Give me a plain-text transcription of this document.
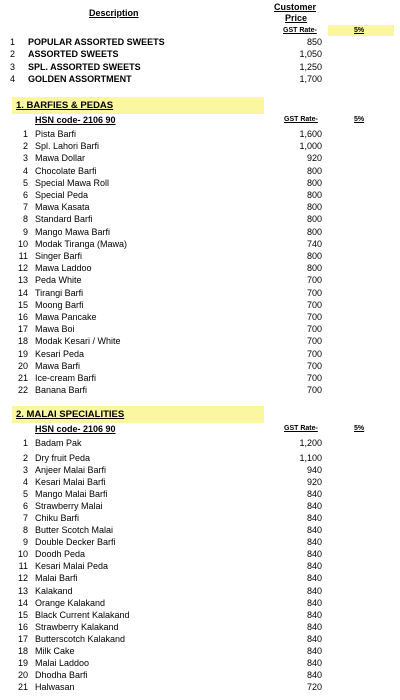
Description
Customer
Price
GST Rate-	5%
1	POPULAR ASSORTED SWEETS	850
2	ASSORTED SWEETS	1,050
3	SPL. ASSORTED SWEETS	1,250
4	GOLDEN ASSORTMENT	1,700
1. BARFIES & PEDAS
HSN code- 2106 90	GST Rate-	5%
1 Pista Barfi	1,600
2 Spl. Lahori Barfi	1,000
3 Mawa Dollar	920
4 Chocolate Barfi	800
5 Special Mawa Roll	800
6 Special Peda	800
7 Mawa Kasata	800
8 Standard Barfi	800
9 Mango Mawa Barfi	800
10 Modak Tiranga (Mawa)	740
11 Singer Barfi	800
12 Mawa Laddoo	800
13 Peda White	700
14 Tirangi Barfi	700
15 Moong Barfi	700
16 Mawa Pancake	700
17 Mawa Boi	700
18 Modak Kesari / White	700
19 Kesari Peda	700
20 Mawa Barfi	700
21 Ice-cream Barfi	700
22 Banana Barfi	700
2. MALAI SPECIALITIES
HSN code- 2106 90	GST Rate-	5%
1 Badam Pak	1,200
2 Dry fruit Peda	1,100
3 Anjeer Malai Barfi	940
4 Kesari Malai Barfi	920
5 Mango Malai Barfi	840
6 Strawberry Malai	840
7 Chiku Barfi	840
8 Butter Scotch Malai	840
9 Double Decker Barfi	840
10 Doodh Peda	840
11 Kesari Malai Peda	840
12 Malai Barfi	840
13 Kalakand	840
14 Orange Kalakand	840
15 Black Current Kalakand	840
16 Strawberry Kalakand	840
17 Butterscotch Kalakand	840
18 Milk Cake	840
19 Malai Laddoo	840
20 Dhodha Barfi	840
21 Halwasan	720
